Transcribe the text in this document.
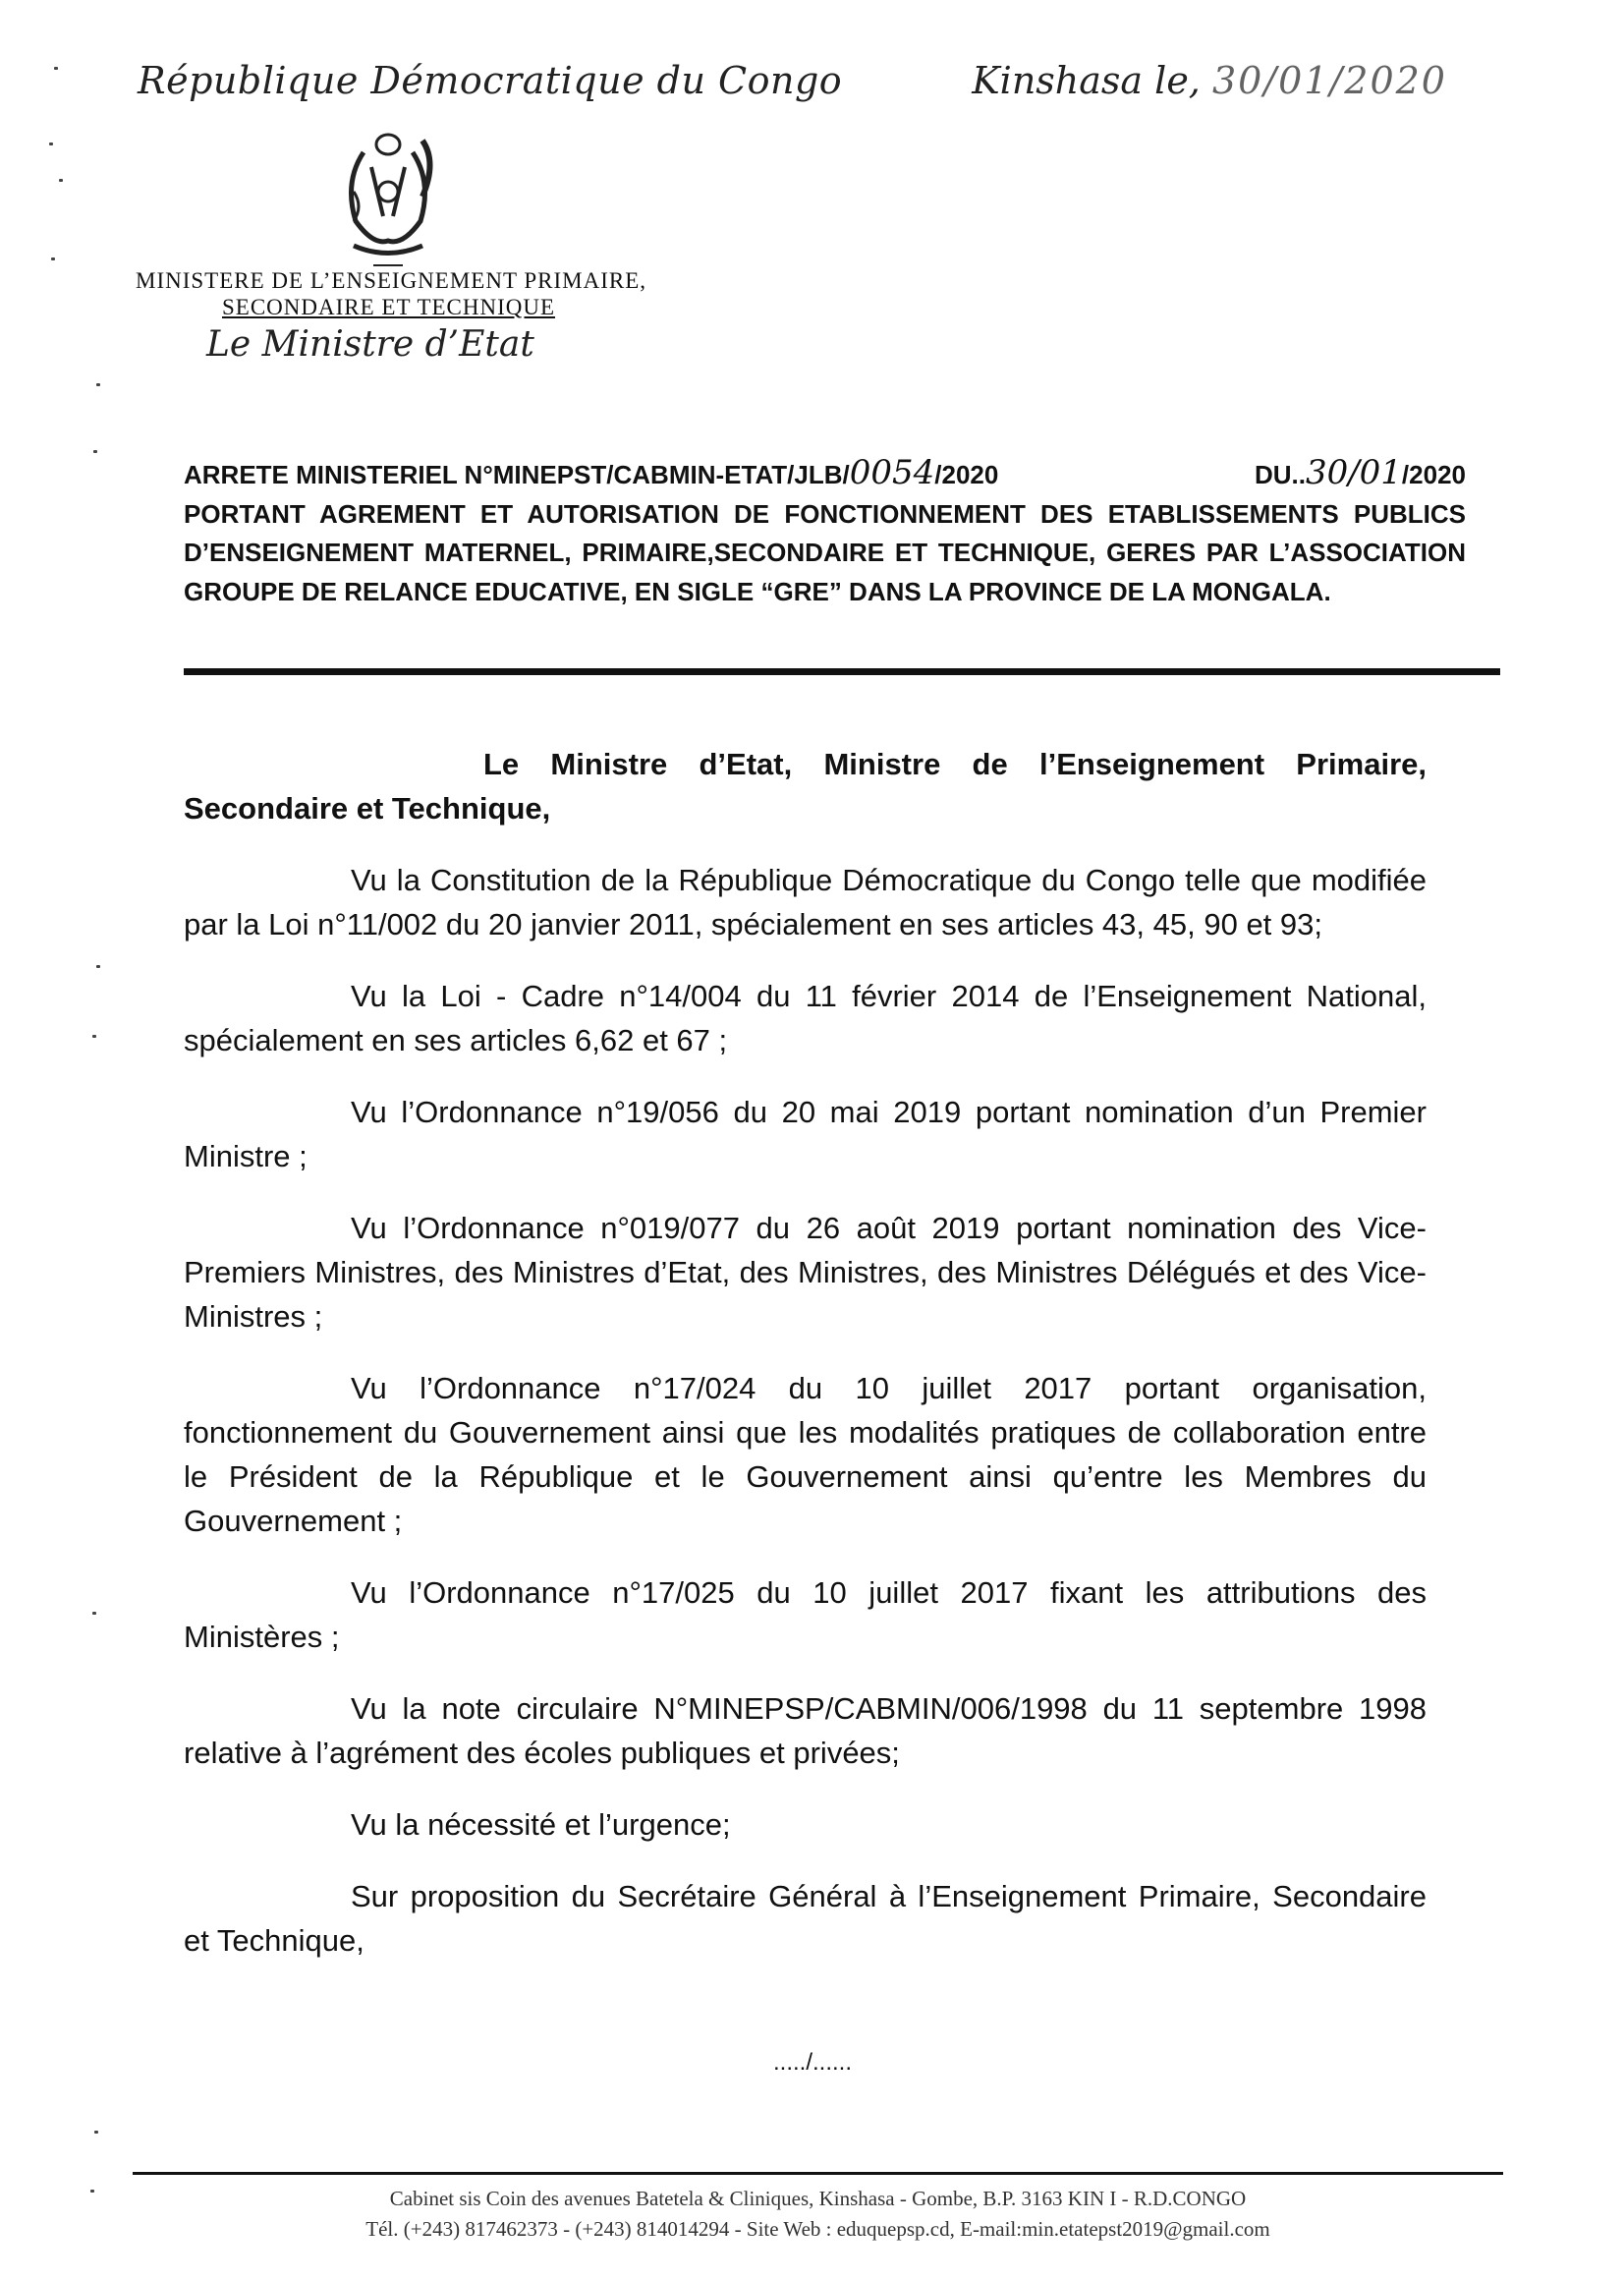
République Démocratique du Congo	Kinshasa le, 30/01/2020
MINISTERE DE L’ENSEIGNEMENT PRIMAIRE,
SECONDAIRE ET TECHNIQUE
Le Ministre d’Etat
ARRETE MINISTERIEL N°MINEPST/CABMIN-ETAT/JLB/0054/2020	DU..30/01/2020
PORTANT AGREMENT ET AUTORISATION DE FONCTIONNEMENT DES ETABLISSEMENTS PUBLICS D’ENSEIGNEMENT MATERNEL, PRIMAIRE,SECONDAIRE ET TECHNIQUE, GERES PAR L’ASSOCIATION GROUPE DE RELANCE EDUCATIVE, EN SIGLE “GRE” DANS LA PROVINCE DE LA MONGALA.

Le Ministre d’Etat, Ministre de l’Enseignement Primaire, Secondaire et Technique,

Vu la Constitution de la République Démocratique du Congo telle que modifiée par la Loi n°11/002 du 20 janvier 2011, spécialement en ses articles 43, 45, 90 et 93;

Vu la Loi - Cadre n°14/004 du 11 février 2014 de l’Enseignement National, spécialement en ses articles 6,62 et 67 ;

Vu l’Ordonnance n°19/056 du 20 mai 2019 portant nomination d’un Premier Ministre ;

Vu l’Ordonnance n°019/077 du 26 août 2019 portant nomination des Vice-Premiers Ministres, des Ministres d’Etat, des Ministres, des Ministres Délégués et des Vice-Ministres ;

Vu l’Ordonnance n°17/024 du 10 juillet 2017 portant organisation, fonctionnement du Gouvernement ainsi que les modalités pratiques de collaboration entre le Président de la République et le Gouvernement ainsi qu’entre les Membres du Gouvernement ;

Vu l’Ordonnance n°17/025 du 10 juillet 2017 fixant les attributions des Ministères ;

Vu la note circulaire N°MINEPSP/CABMIN/006/1998 du 11 septembre 1998 relative à l’agrément des écoles publiques et privées;

Vu la nécessité et l’urgence;

Sur proposition du Secrétaire Général à l’Enseignement Primaire, Secondaire et Technique,

...../......
Cabinet sis Coin des avenues Batetela & Cliniques, Kinshasa - Gombe, B.P. 3163 KIN I - R.D.CONGO
Tél. (+243) 817462373 - (+243) 814014294 - Site Web : eduquepsp.cd, E-mail:min.etatepst2019@gmail.com
